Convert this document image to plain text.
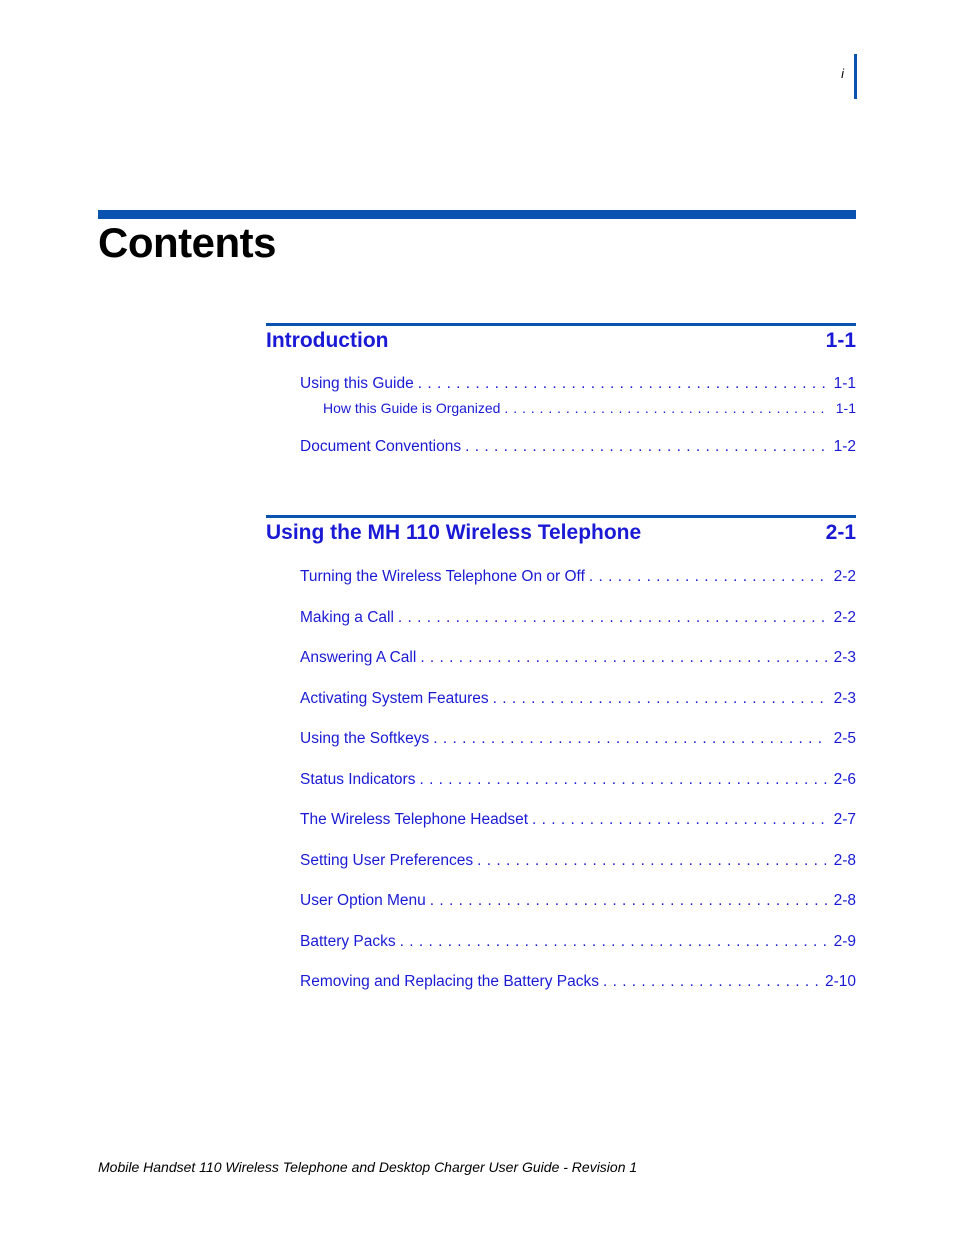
i
Contents
Introduction	1-1
Using this Guide . . .	1-1
How this Guide is Organized . . .	1-1
Document Conventions . . .	1-2
Using the MH 110 Wireless Telephone	2-1
Turning the Wireless Telephone On or Off . . .	2-2
Making a Call . . .	2-2
Answering A Call . . .	2-3
Activating System Features . . .	2-3
Using the Softkeys . . .	2-5
Status Indicators . . .	2-6
The Wireless Telephone Headset . . .	2-7
Setting User Preferences . . .	2-8
User Option Menu . . .	2-8
Battery Packs . . .	2-9
Removing and Replacing the Battery Packs . . .	2-10
Mobile Handset 110 Wireless Telephone and Desktop Charger User Guide - Revision 1
